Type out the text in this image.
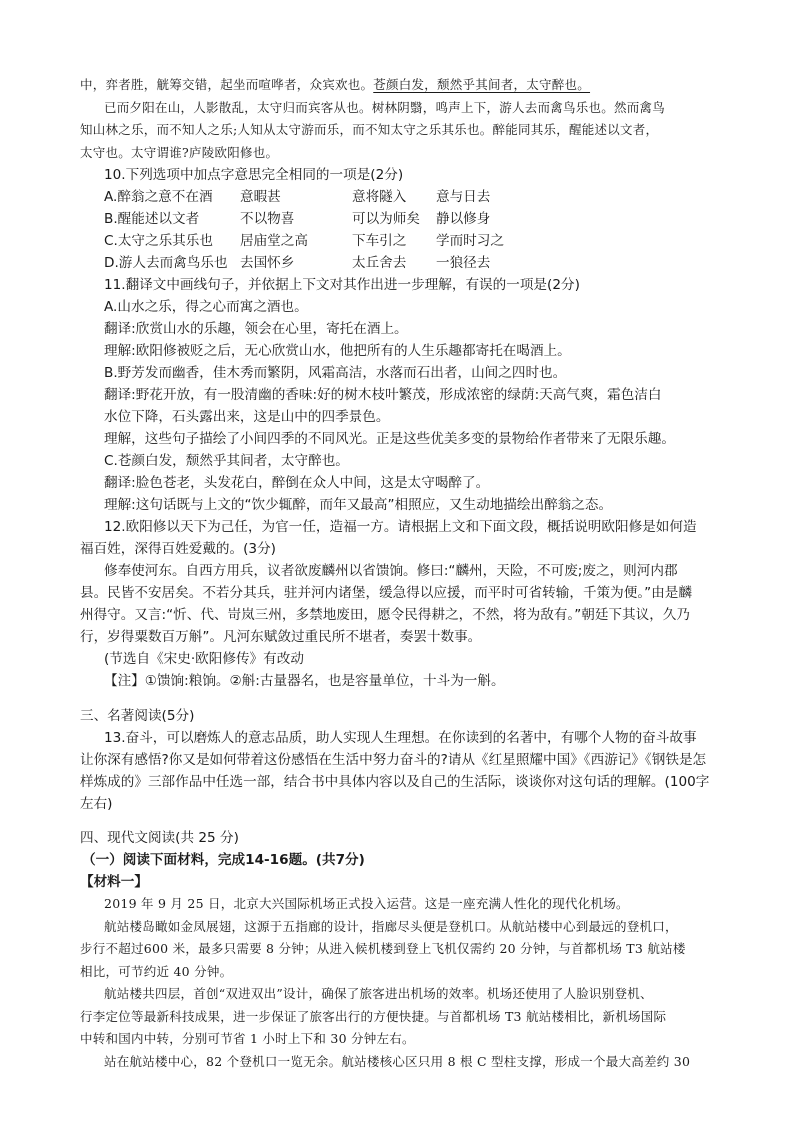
中，弈者胜，觥筹交错，起坐而喧哗者，众宾欢也。苍颜白发，颓然乎其间者，太守醉也。

已而夕阳在山，人影散乱，太守归而宾客从也。树林阴翳，鸣声上下，游人去而禽鸟乐也。然而禽鸟

知山林之乐，而不知人之乐;人知从太守游而乐，而不知太守之乐其乐也。醉能同其乐，醒能述以文者，

太守也。太守谓谁?庐陵欧阳修也。

10.下列选项中加点字意思完全相同的一项是(2分)

A.醉翁之意不在酒	意暇甚	意将隧入	意与日去
B.醒能述以文者	不以物喜	可以为师矣	静以修身
C.太守之乐其乐也	居庙堂之高	下车引之	学而时习之
D.游人去而禽鸟乐也 去国怀乡	太丘舍去	一狼径去

11.翻译文中画线句子，并依据上下文对其作出进一步理解，有误的一项是(2分)

A.山水之乐，得之心而寓之酒也。

翻译:欣赏山水的乐趣，领会在心里，寄托在酒上。

理解:欧阳修被贬之后，无心欣赏山水，他把所有的人生乐趣都寄托在喝酒上。

B.野芳发而幽香，佳木秀而繁阴，风霜高洁，水落而石出者，山间之四时也。

翻译:野花开放，有一股清幽的香味:好的树木枝叶繁茂，形成浓密的绿荫:天高气爽，霜色洁白

水位下降，石头露出来，这是山中的四季景色。

理解，这些句子描绘了小间四季的不同风光。正是这些优美多变的景物给作者带来了无限乐趣。

C.苍颜白发，颓然乎其间者，太守醉也。

翻译:脸色苍老，头发花白，醉倒在众人中间，这是太守喝醉了。

理解:这句话既与上文的“饮少辄醉，而年又最高”相照应，又生动地描绘出醉翁之态。

12.欧阳修以天下为己任，为官一任，造福一方。请根据上文和下面文段，概括说明欧阳修是如何造

福百姓，深得百姓爱戴的。(3分)

修奉使河东。自西方用兵，议者欲废麟州以省馈饷。修曰:“麟州，天险，不可废;废之，则河内郡

县。民皆不安居矣。不若分其兵，驻并河内诸堡，缓急得以应援，而平时可省转输，千策为便。”由是麟

州得守。又言:“忻、代、岢岚三州，多禁地废田，愿令民得耕之，不然，将为敌有。”朝廷下其议，久乃

行，岁得粟数百万斛”。凡河东赋敛过重民所不堪者，奏罢十数事。

(节选自《宋史·欧阳修传》有改动

【注】①馈饷:粮饷。②斛:古量器名，也是容量单位，十斗为一斛。

三、名著阅读(5分)

13.奋斗，可以磨炼人的意志品质，助人实现人生理想。在你读到的名著中，有哪个人物的奋斗故事

让你深有感悟?你又是如何带着这份感悟在生活中努力奋斗的?请从《红星照耀中国》《西游记》《钢铁是怎

样炼成的》三部作品中任选一部，结合书中具体内容以及自己的生活际，谈谈你对这句话的理解。(100字

左右)

四、现代文阅读(共 25 分)

（一）阅读下面材料，完成14-16题。(共7分)

【材料一】

2019 年 9 月 25 日，北京大兴国际机场正式投入运营。这是一座充满人性化的现代化机场。

航站楼岛瞰如金凤展翅，这源于五指廊的设计，指廊尽头便是登机口。从航站楼中心到最远的登机口，

步行不超过600 米，最多只需要 8 分钟；从进入候机楼到登上飞机仅需约 20 分钟，与首都机场 T3 航站楼

相比，可节约近 40 分钟。

航站楼共四层，首创“双进双出”设计，确保了旅客进出机场的效率。机场还使用了人脸识别登机、

行李定位等最新科技成果，进一步保证了旅客出行的方便快捷。与首都机场 T3 航站楼相比，新机场国际

中转和国内中转，分别可节省 1 小时上下和 30 分钟左右。

站在航站楼中心，82 个登机口一览无余。航站楼核心区只用 8 根 C 型柱支撑，形成一个最大高差约 30
